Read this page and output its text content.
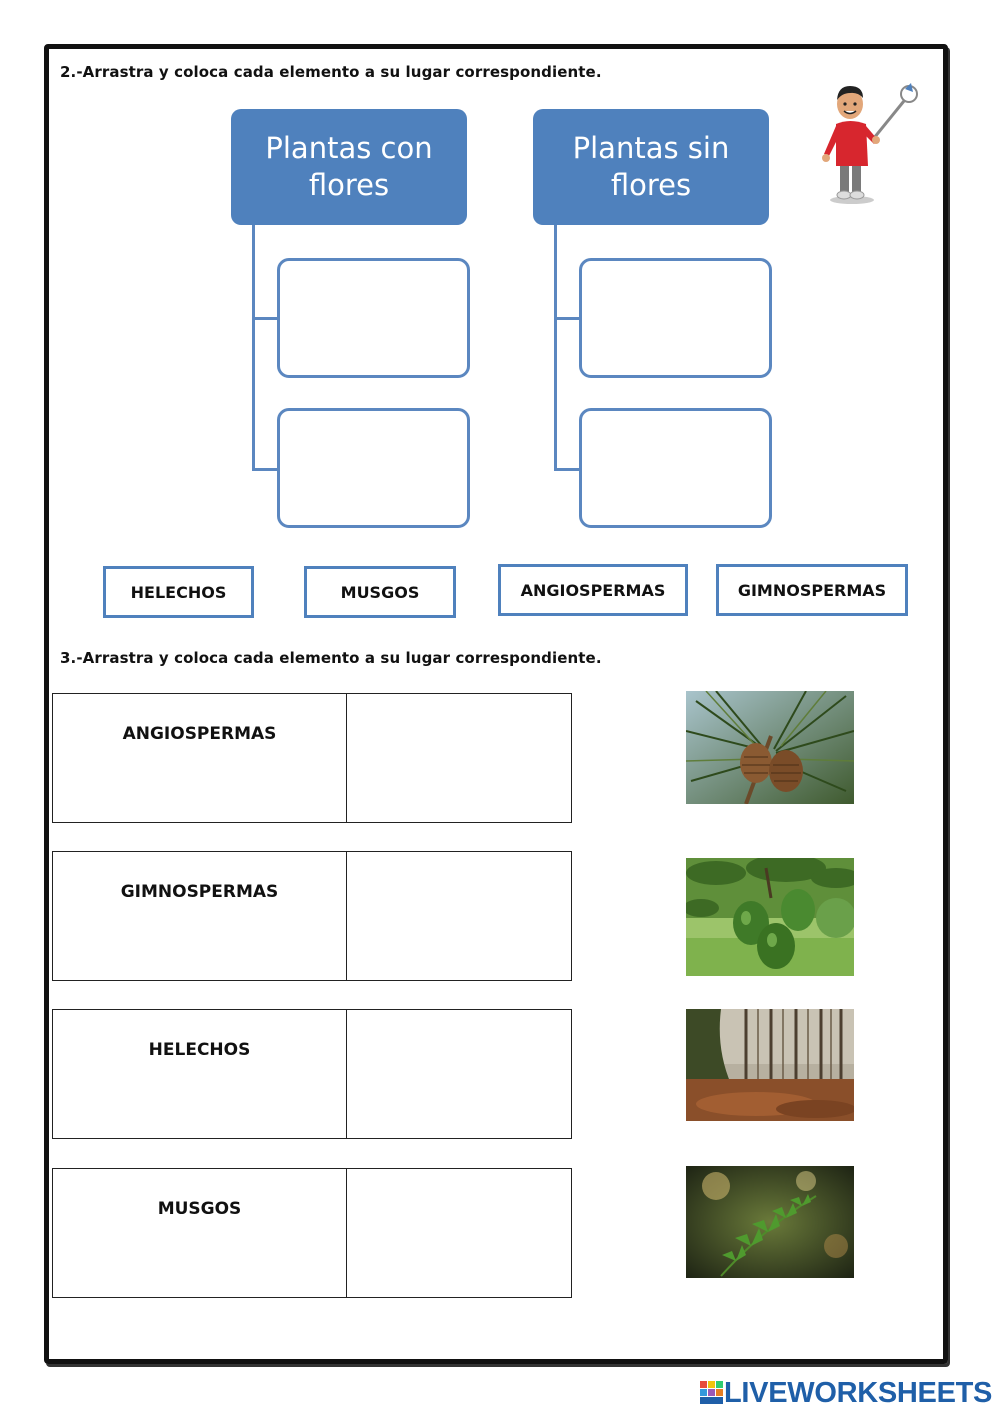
2.-Arrastra y coloca cada elemento a su lugar correspondiente.
Plantas con flores
Plantas sin flores
HELECHOS	MUSGOS	ANGIOSPERMAS	GIMNOSPERMAS
3.-Arrastra y coloca cada elemento a su lugar correspondiente.
ANGIOSPERMAS
GIMNOSPERMAS
HELECHOS
MUSGOS
LIVEWORKSHEETS
